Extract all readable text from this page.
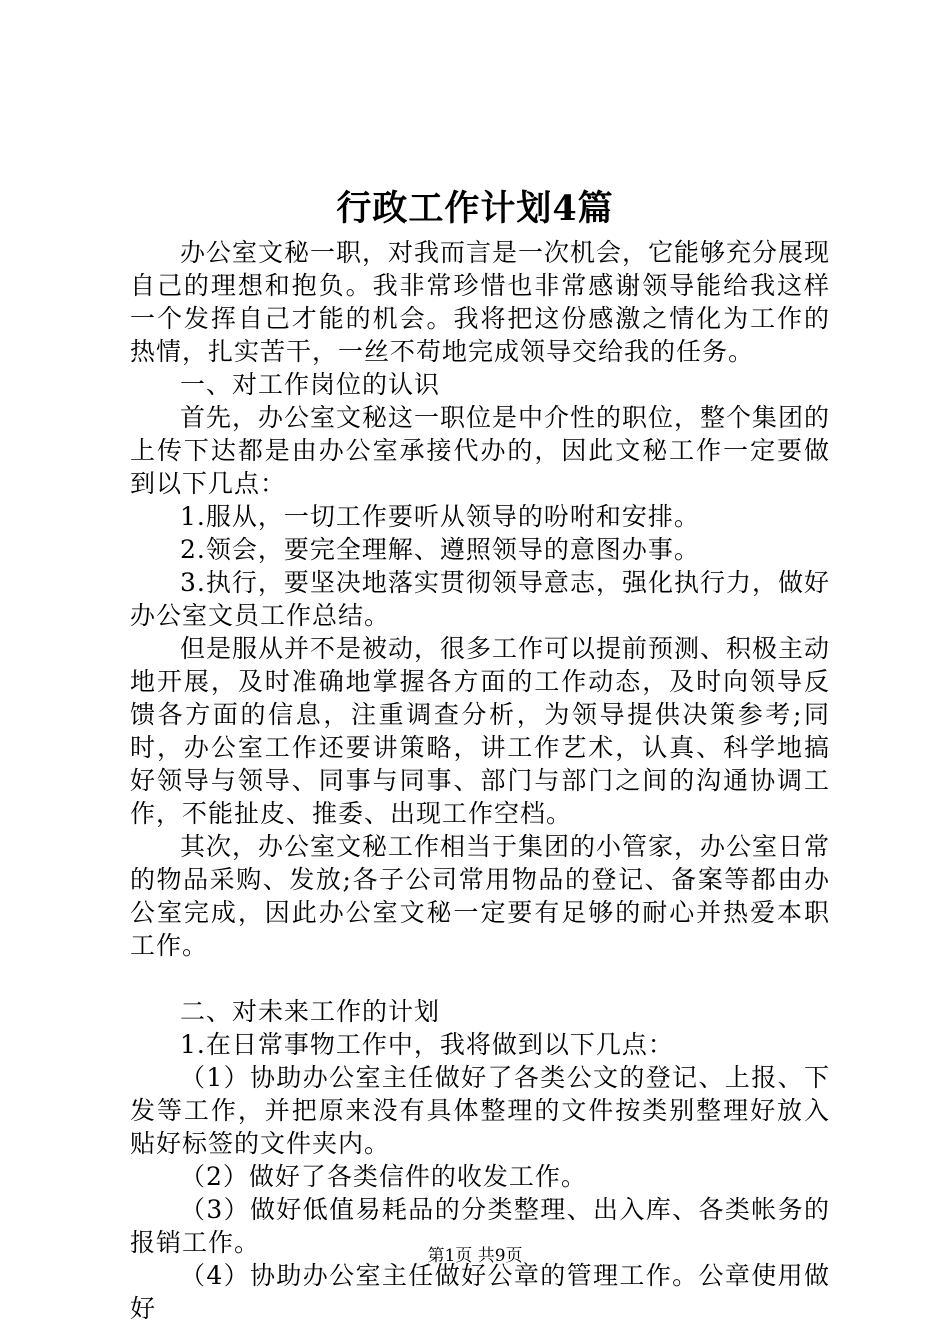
行政工作计划4篇

办公室文秘一职，对我而言是一次机会，它能够充分展现自己的理想和抱负。我非常珍惜也非常感谢领导能给我这样一个发挥自己才能的机会。我将把这份感激之情化为工作的热情，扎实苦干，一丝不苟地完成领导交给我的任务。

一、对工作岗位的认识

首先，办公室文秘这一职位是中介性的职位，整个集团的上传下达都是由办公室承接代办的，因此文秘工作一定要做到以下几点：

1.服从，一切工作要听从领导的吩咐和安排。

2.领会，要完全理解、遵照领导的意图办事。

3.执行，要坚决地落实贯彻领导意志，强化执行力，做好办公室文员工作总结。

但是服从并不是被动，很多工作可以提前预测、积极主动地开展，及时准确地掌握各方面的工作动态，及时向领导反馈各方面的信息，注重调查分析，为领导提供决策参考;同时，办公室工作还要讲策略，讲工作艺术，认真、科学地搞好领导与领导、同事与同事、部门与部门之间的沟通协调工作，不能扯皮、推委、出现工作空档。

其次，办公室文秘工作相当于集团的小管家，办公室日常的物品采购、发放;各子公司常用物品的登记、备案等都由办公室完成，因此办公室文秘一定要有足够的耐心并热爱本职工作。

二、对未来工作的计划

1.在日常事物工作中，我将做到以下几点：

（1）协助办公室主任做好了各类公文的登记、上报、下发等工作，并把原来没有具体整理的文件按类别整理好放入贴好标签的文件夹内。

（2）做好了各类信件的收发工作。

（3）做好低值易耗品的分类整理、出入库、各类帐务的报销工作。

（4）协助办公室主任做好公章的管理工作。公章使用做好

第1页 共9页
